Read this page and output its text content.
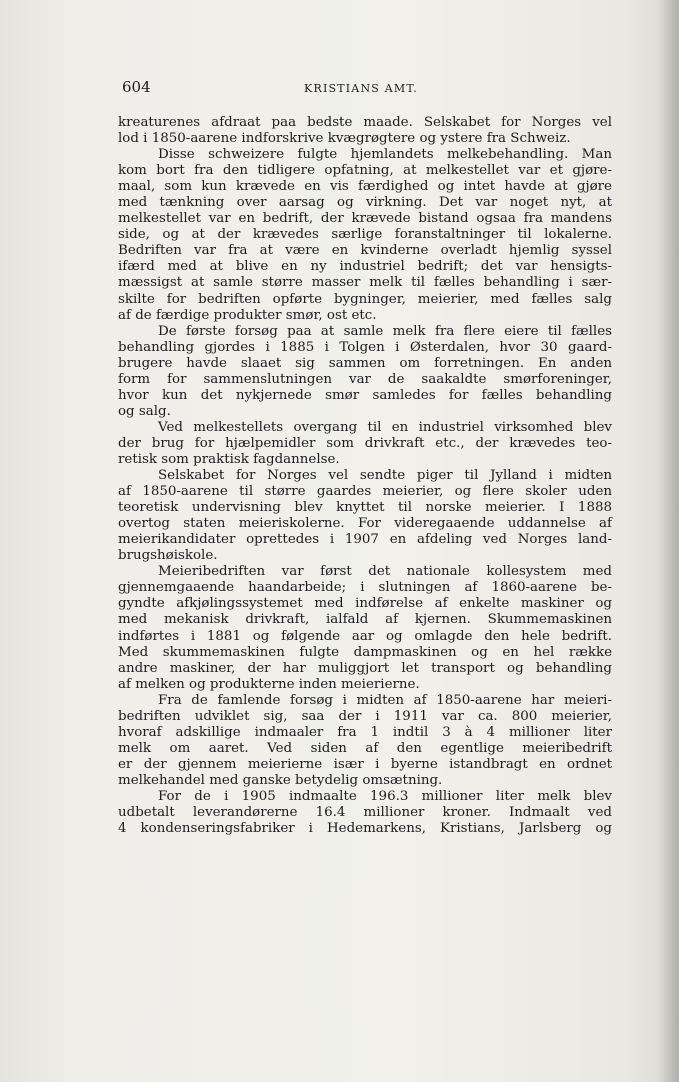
604	KRISTIANS AMT.
kreaturenes afdraat paa bedste maade. Selskabet for Norges vel
lod i 1850-aarene indforskrive kvægrøgtere og ystere fra Schweiz.
Disse schweizere fulgte hjemlandets melkebehandling. Man
kom bort fra den tidligere opfatning, at melkestellet var et gjøre-
maal, som kun krævede en vis færdighed og intet havde at gjøre
med tænkning over aarsag og virkning. Det var noget nyt, at
melkestellet var en bedrift, der krævede bistand ogsaa fra mandens
side, og at der krævedes særlige foranstaltninger til lokalerne.
Bedriften var fra at være en kvinderne overladt hjemlig syssel
ifærd med at blive en ny industriel bedrift; det var hensigts-
mæssigst at samle større masser melk til fælles behandling i sær-
skilte for bedriften opførte bygninger, meierier, med fælles salg
af de færdige produkter smør, ost etc.
De første forsøg paa at samle melk fra flere eiere til fælles
behandling gjordes i 1885 i Tolgen i Østerdalen, hvor 30 gaard-
brugere havde slaaet sig sammen om forretningen. En anden
form for sammenslutningen var de saakaldte smørforeninger,
hvor kun det nykjernede smør samledes for fælles behandling
og salg.
Ved melkestellets overgang til en industriel virksomhed blev
der brug for hjælpemidler som drivkraft etc., der krævedes teo-
retisk som praktisk fagdannelse.
Selskabet for Norges vel sendte piger til Jylland i midten
af 1850-aarene til større gaardes meierier, og flere skoler uden
teoretisk undervisning blev knyttet til norske meierier. I 1888
overtog staten meieriskolerne. For videregaaende uddannelse af
meierikandidater oprettedes i 1907 en afdeling ved Norges land-
brugshøiskole.
Meieribedriften var først det nationale kollesystem med
gjennemgaaende haandarbeide; i slutningen af 1860-aarene be-
gyndte afkjølingssystemet med indførelse af enkelte maskiner og
med mekanisk drivkraft, ialfald af kjernen. Skummemaskinen
indførtes i 1881 og følgende aar og omlagde den hele bedrift.
Med skummemaskinen fulgte dampmaskinen og en hel række
andre maskiner, der har muliggjort let transport og behandling
af melken og produkterne inden meierierne.
Fra de famlende forsøg i midten af 1850-aarene har meieri-
bedriften udviklet sig, saa der i 1911 var ca. 800 meierier,
hvoraf adskillige indmaaler fra 1 indtil 3 à 4 millioner liter
melk om aaret. Ved siden af den egentlige meieribedrift
er der gjennem meierierne især i byerne istandbragt en ordnet
melkehandel med ganske betydelig omsætning.
For de i 1905 indmaalte 196.3 millioner liter melk blev
udbetalt leverandørerne 16.4 millioner kroner. Indmaalt ved
4 kondenseringsfabriker i Hedemarkens, Kristians, Jarlsberg og
